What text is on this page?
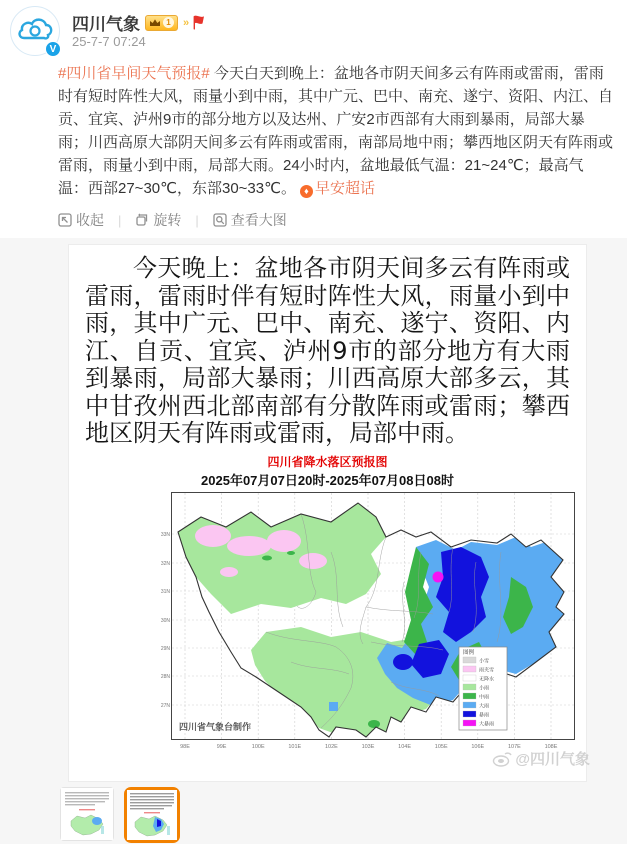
V
四川气象	1 »
25-7-7 07:24
#四川省早间天气预报# 今天白天到晚上：盆地各市阴天间多云有阵雨或雷雨，雷雨时有短时阵性大风，雨量小到中雨，其中广元、巴中、南充、遂宁、资阳、内江、自贡、宜宾、泸州9市的部分地方以及达州、广安2市西部有大雨到暴雨，局部大暴雨；川西高原大部阴天间多云有阵雨或雷雨，南部局地中雨；攀西地区阴天有阵雨或雷雨，雨量小到中雨，局部大雨。24小时内，盆地最低气温：21~24℃；最高气温：西部27~30℃，东部30~33℃。 ♦ 早安超话
收起 | 旋转 | 查看大图
今天晚上：盆地各市阴天间多云有阵雨或雷雨，雷雨时伴有短时阵性大风，雨量小到中雨，其中广元、巴中、南充、遂宁、资阳、内江、自贡、宜宾、泸州9市的部分地方有大雨到暴雨，局部大暴雨；川西高原大部多云，其中甘孜州西北部南部有分散阵雨或雷雨；攀西地区阴天有阵雨或雷雨，局部中雨。
四川省降水落区预报图
2025年07月07日20时-2025年07月08日08时
四川省气象台制作
图例
小雪
雨夹雪
无降水
小雨
中雨
大雨
暴雨
大暴雨
98E	99E	100E	101E	102E	103E	104E	105E	106E	107E	108E
33N
32N
31N
30N
29N
28N
27N
@四川气象
